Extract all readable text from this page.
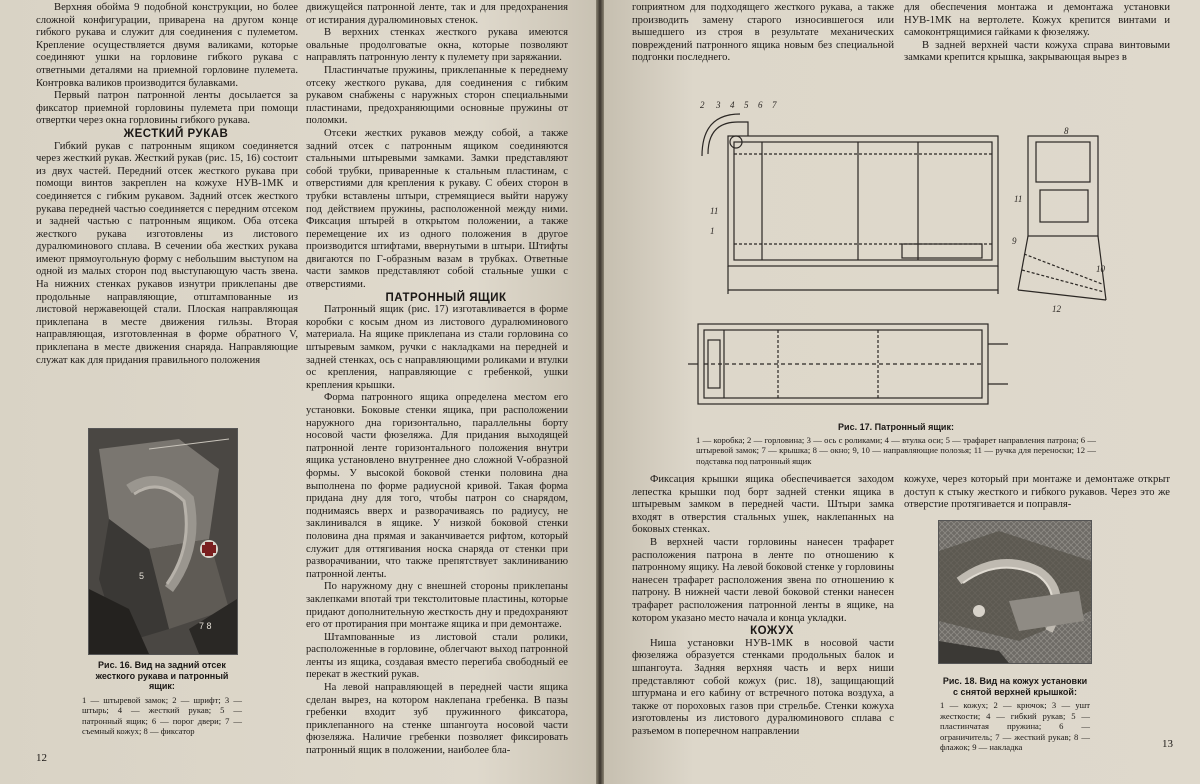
Верхняя обойма 9 подобной конструкции, но более сложной конфигурации, приварена на другом конце гибкого рукава и служит для соединения с пулеметом. Крепление осуществляется двумя валиками, которые соединяют ушки на горловине гибкого рукава с ответными деталями на приемной горловине пулемета. Контровка валиков производится булавками.

Первый патрон патронной ленты досылается за фиксатор приемной горловины пулемета при помощи отвертки через окна горловины гибкого рукава.

ЖЕСТКИЙ РУКАВ

Гибкий рукав с патронным ящиком соединяется через жесткий рукав. Жесткий рукав (рис. 15, 16) состоит из двух частей. Передний отсек жесткого рукава при помощи винтов закреплен на кожухе НУВ-1МК и соединяется с гибким рукавом. Задний отсек жесткого рукава передней частью соединяется с передним отсеком и задней частью с патронным ящиком. Оба отсека жесткого рукава изготовлены из листового дуралюминового сплава. В сечении оба жестких рукава имеют прямоугольную форму с небольшим выступом на одной из малых сторон под выступающую часть звена. На нижних стенках рукавов изнутри приклепаны две продольные направляющие, отштампованные из листовой нержавеющей стали. Плоская направляющая приклепана в месте движения гильзы. Вторая направляющая, изготовленная в форме обратного V, приклепана в месте движения снаряда. Направляющие служат как для придания правильного положения

5
7 8
Рис. 16. Вид на задний отсек жесткого рукава и патронный ящик:
1 — штыревой замок; 2 — шрифт; 3 — штырь; 4 — жесткий рукав; 5 — патронный ящик; 6 — порог двери; 7 — съемный кожух; 8 — фиксатор

движущейся патронной ленте, так и для предохранения от истирания дуралюминовых стенок.

В верхних стенках жесткого рукава имеются овальные продолговатые окна, которые позволяют направлять патронную ленту к пулемету при заряжании.

Пластинчатые пружины, приклепанные к переднему отсеку жесткого рукава, для соединения с гибким рукавом снабжены с наружных сторон специальными пластинами, предохраняющими основные пружины от поломки.

Отсеки жестких рукавов между собой, а также задний отсек с патронным ящиком соединяются стальными штыревыми замками. Замки представляют собой трубки, приваренные к стальным пластинам, с отверстиями для крепления к рукаву. С обеих сторон в трубки вставлены штыри, стремящиеся выйти наружу под действием пружины, расположенной между ними. Фиксация штырей в открытом положении, а также перемещение их из одного положения в другое производится штифтами, ввернутыми в штыри. Штифты двигаются по Г-образным вазам в трубках. Ответные части замков представляют собой стальные ушки с отверстиями.

ПАТРОННЫЙ ЯЩИК

Патронный ящик (рис. 17) изготавливается в форме коробки с косым дном из листового дуралюминового материала. На ящике приклепана из стали горловина со штыревым замком, ручки с накладками на передней и задней стенках, ось с направляющими роликами и втулки ос крепления, направляющие с гребенкой, ушки крепления крышки.

Форма патронного ящика определена местом его установки. Боковые стенки ящика, при расположении наружного дна горизонтально, параллельны борту носовой части фюзеляжа. Для придания выходящей патронной ленте горизонтального положения внутри ящика установлено внутреннее дно сложной V-образной формы. У высокой боковой стенки половина дна выполнена по форме радиусной кривой. Такая форма придана дну для того, чтобы патрон со снарядом, поднимаясь вверх и разворачиваясь по радиусу, не заклинивался в ящике. У низкой боковой стенки половина дна прямая и заканчивается рифтом, который служит для оттягивания носка снаряда от стенки при разворачивании, что также препятствует заклиниванию патронной ленты.

По наружному дну с внешней стороны приклепаны заклепками впотай три текстолитовые пластины, которые придают дополнительную жесткость дну и предохраняют его от протирания при монтаже ящика и при демонтаже.

Штампованные из листовой стали ролики, расположенные в горловине, облегчают выход патронной ленты из ящика, создавая вместо перегиба свободный ее перекат в жесткий рукав.

На левой направляющей в передней части ящика сделан вырез, на котором наклепана гребенка. В пазы гребенки входит зуб пружинного фиксатора, приклепанного на стенке шпангоута носовой части фюзеляжа. Наличие гребенки позволяет фиксировать патронный ящик в положении, наиболее бла-

12

гоприятном для подходящего жесткого рукава, а также производить замену старого износившегося или вышедшего из строя в результате механических повреждений патронного ящика новым без специальной подгонки последнего.

для обеспечения монтажа и демонтажа установки НУВ-1МК на вертолете. Кожух крепится винтами и самоконтрящимися гайками к фюзеляжу.

В задней верхней части кожуха справа винтовыми замками крепится крышка, закрывающая вырез в

2 3 4 5 6 7
11
1
8
11
9
10
12
Рис. 17. Патронный ящик:
1 — коробка; 2 — горловина; 3 — ось с роликами; 4 — втулка оси; 5 — трафарет направления патрона; 6 — штыревой замок; 7 — крышка; 8 — окно; 9, 10 — направляющие полозья; 11 — ручка для переноски; 12 — подставка под патронный ящик

Фиксация крышки ящика обеспечивается заходом лепестка крышки под борт задней стенки ящика в штыревым замком в передней части. Штыри замка входят в отверстия стальных ушек, наклепанных на боковых стенках.

В верхней части горловины нанесен трафарет расположения патрона в ленте по отношению к патронному ящику. На левой боковой стенке у горловины нанесен трафарет расположения звена по отношению к патрону. В нижней части левой боковой стенки нанесен трафарет расположения патронной ленты в ящике, на котором указано место начала и конца укладки.

КОЖУХ

Ниша установки НУВ-1МК в носовой части фюзеляжа образуется стенками продольных балок и шпангоута. Задняя верхняя часть и верх ниши представляют собой кожух (рис. 18), защищающий штурмана и его кабину от встречного потока воздуха, а также от пороховых газов при стрельбе. Стенки кожуха изготовлены из листового дуралюминового сплава с разъемом в поперечном направлении

кожухе, через который при монтаже и демонтаже открыт доступ к стыку жесткого и гибкого рукавов. Через это же отверстие протягивается и поправля-

Рис. 18. Вид на кожух установки с снятой верхней крышкой:
1 — кожух; 2 — крючок; 3 — ушт жесткости; 4 — гибкий рукав; 5 — пластинчатая пружина; 6 — ограничитель; 7 — жесткий рукав; 8 — флажок; 9 — накладка	13
